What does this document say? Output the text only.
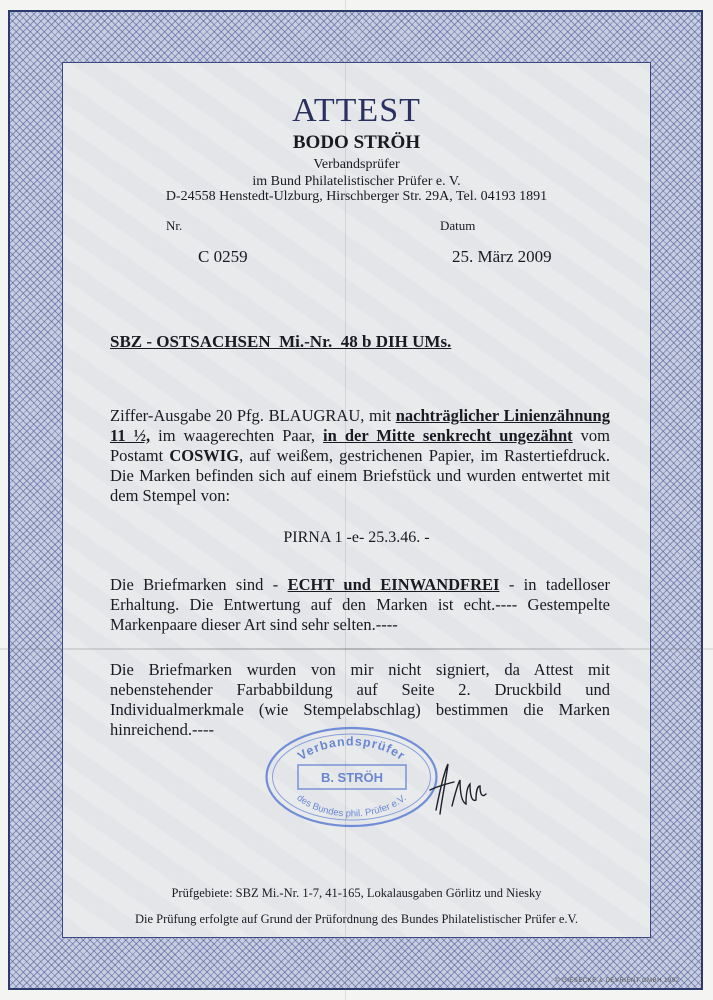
ATTEST
BODO STRÖH
Verbandsprüfer
im Bund Philatelistischer Prüfer e. V.
D-24558 Henstedt-Ulzburg, Hirschberger Str. 29A, Tel. 04193 1891
Nr.	Datum
C 0259	25. März 2009
SBZ - OSTSACHSEN  Mi.-Nr.  48 b DIH UMs.
Ziffer-Ausgabe 20 Pfg. BLAUGRAU, mit nachträglicher Linienzähnung 11 ½, im waagerechten Paar, in der Mitte senkrecht ungezähnt vom Postamt COSWIG, auf weißem, gestrichenen Papier, im Rastertiefdruck. Die Marken befinden sich auf einem Briefstück und wurden entwertet mit dem Stempel von:
PIRNA 1 -e- 25.3.46. -
Die Briefmarken sind - ECHT und EINWANDFREI - in tadelloser Erhaltung. Die Entwertung auf den Marken ist echt.---- Gestempelte Markenpaare dieser Art sind sehr selten.----
Die Briefmarken wurden von mir nicht signiert, da Attest mit nebenstehender Farbabbildung auf Seite 2. Druckbild und Individualmerkmale (wie Stempelabschlag) bestimmen die Marken hinreichend.----
Verbandsprüfer
B. STRÖH
des Bundes phil. Prüfer e.V.
Prüfgebiete: SBZ Mi.-Nr. 1-7, 41-165, Lokalausgaben Görlitz und Niesky
Die Prüfung erfolgte auf Grund der Prüfordnung des Bundes Philatelistischer Prüfer e.V.
© GIESECKE & DEVRIENT GMBH 1992
